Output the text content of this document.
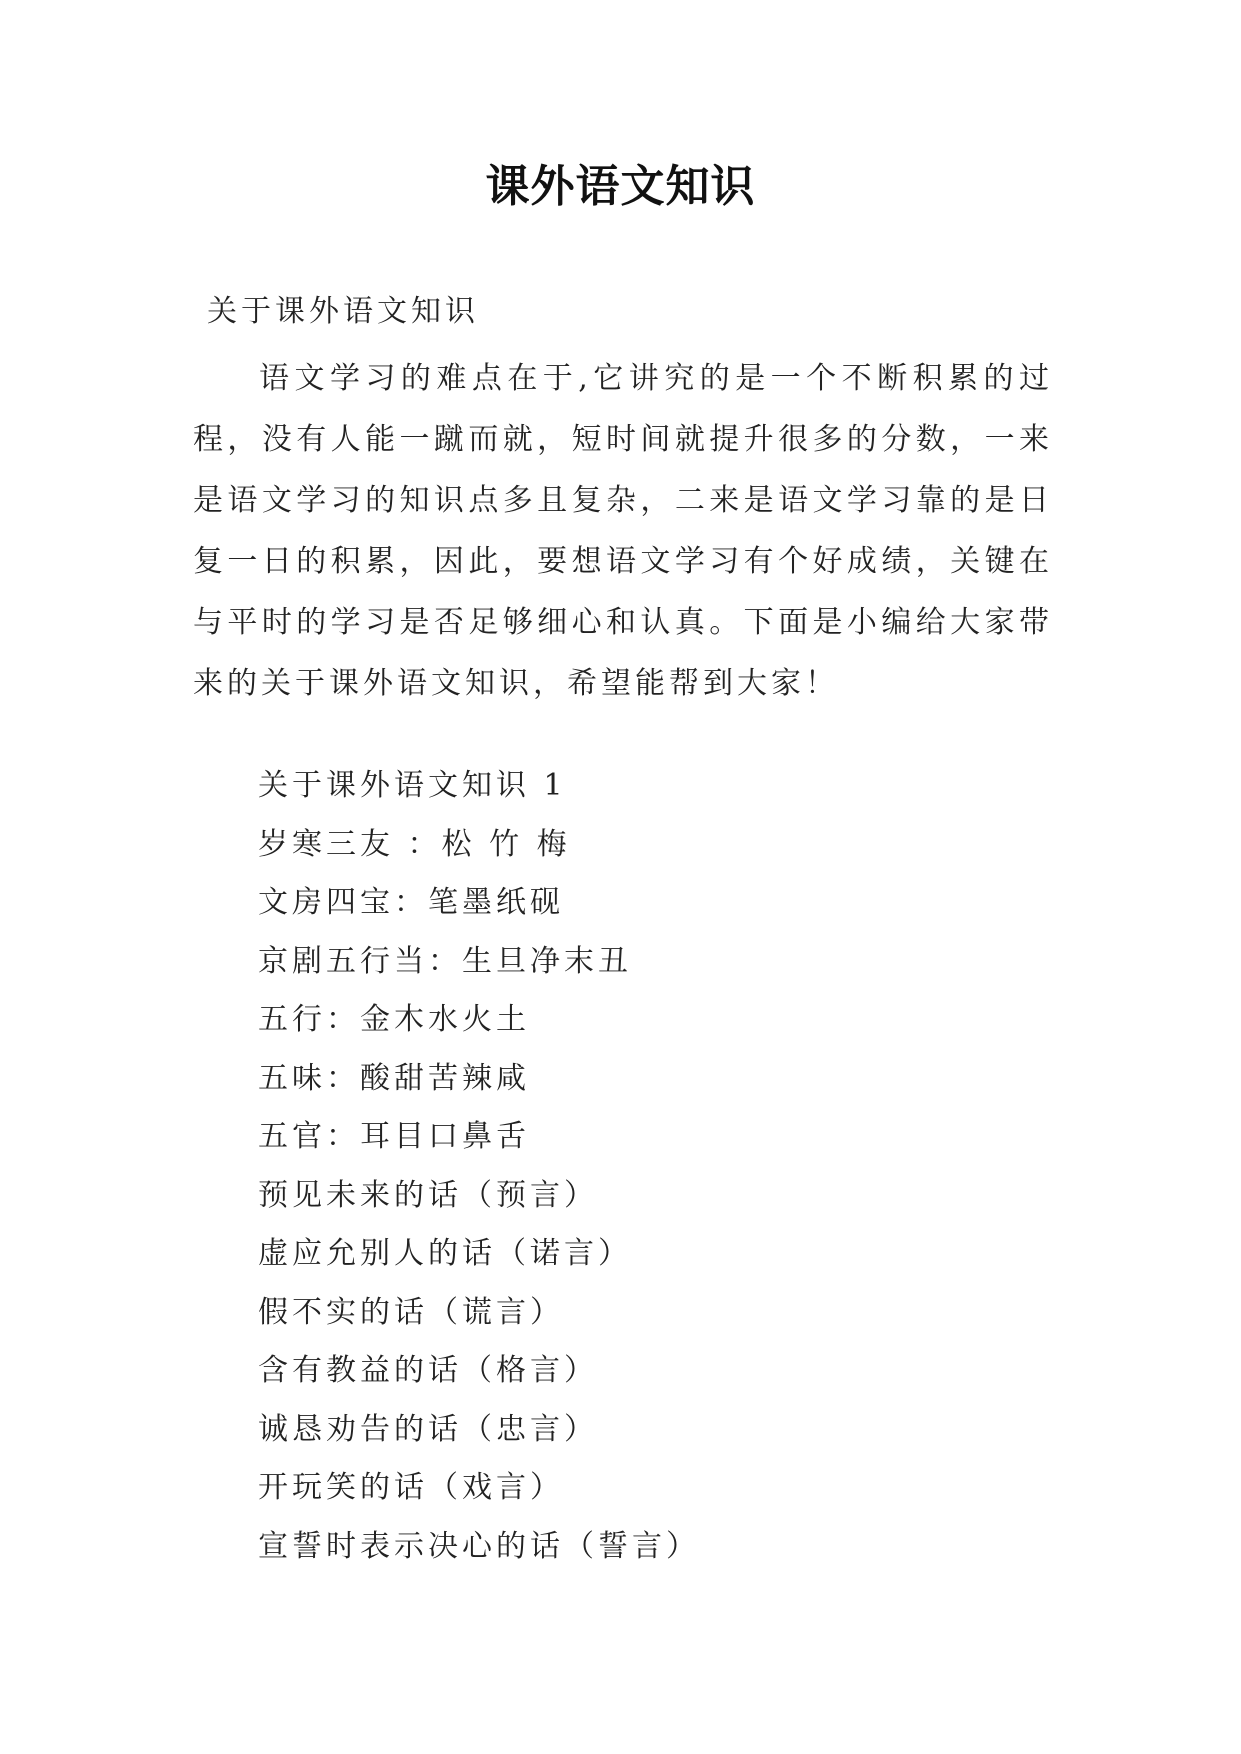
课外语文知识
关于课外语文知识

语文学习的难点在于,它讲究的是一个不断积累的过程，没有人能一蹴而就，短时间就提升很多的分数，一来是语文学习的知识点多且复杂，二来是语文学习靠的是日复一日的积累，因此，要想语文学习有个好成绩，关键在与平时的学习是否足够细心和认真。下面是小编给大家带来的关于课外语文知识，希望能帮到大家！

关于课外语文知识 1
岁寒三友 ：松 竹 梅
文房四宝：笔墨纸砚
京剧五行当：生旦净末丑
五行：金木水火土
五味：酸甜苦辣咸
五官：耳目口鼻舌
预见未来的话（预言）
虚应允别人的话（诺言）
假不实的话（谎言）
含有教益的话（格言）
诚恳劝告的话（忠言）
开玩笑的话（戏言）
宣誓时表示决心的话（誓言）
